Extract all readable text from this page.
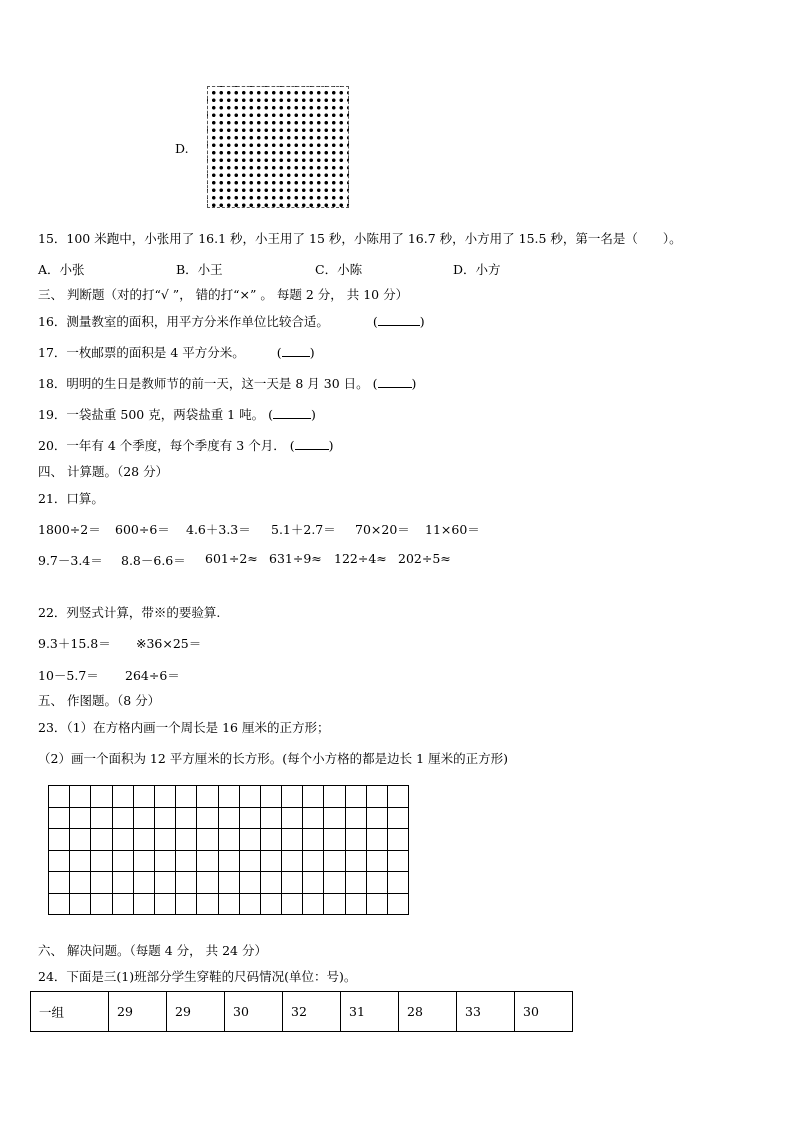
D.
15．100 米跑中，小张用了 16.1 秒，小王用了 15 秒，小陈用了 16.7 秒，小方用了 15.5 秒，第一名是（　　）。
A．小张	B．小王	C．小陈	D．小方
三、 判断题（对的打“√ ”， 错的打“×” 。 每题 2 分， 共 10 分）
16．测量教室的面积，用平方分米作单位比较合适。	(	)
17．一枚邮票的面积是 4 平方分米。	( )
18．明明的生日是教师节的前一天，这一天是 8 月 30 日。 (	)
19．一袋盐重 500 克，两袋盐重 1 吨。 (	)
20．一年有 4 个季度，每个季度有 3 个月． (	)
四、 计算题。（28 分）
21．口算。
1800÷2＝ 600÷6＝ 4.6＋3.3＝ 5.1＋2.7＝ 70×20＝ 11×60＝
9.7－3.4＝ 8.8－6.6＝ 601÷2≈ 631÷9≈ 122÷4≈ 202÷5≈
22．列竖式计算，带※的要验算.
9.3＋15.8＝ ※36×25＝
10－5.7＝ 264÷6＝
五、 作图题。（8 分）
23．（1）在方格内画一个周长是 16 厘米的正方形；
（2）画一个面积为 12 平方厘米的长方形。(每个小方格的都是边长 1 厘米的正方形)

六、 解决问题。（每题 4 分， 共 24 分）
24．下面是三(1)班部分学生穿鞋的尺码情况(单位：号)。
一组	29	29	30	32	31	28	33	30
